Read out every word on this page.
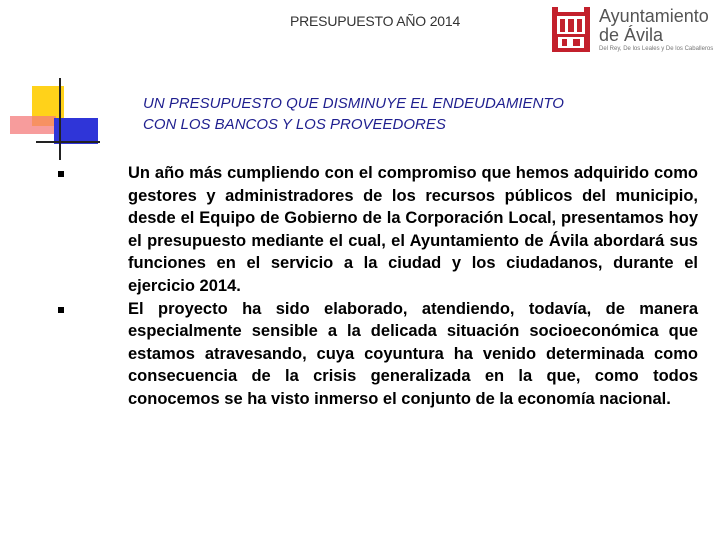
PRESUPUESTO AÑO 2014	Ayuntamiento
de Ávila
Del Rey, De los Leales y De los Caballeros
UN PRESUPUESTO QUE DISMINUYE EL ENDEUDAMIENTO
CON LOS BANCOS Y LOS PROVEEDORES
Un año más cumpliendo con el compromiso que hemos adquirido como gestores y administradores de los recursos públicos del municipio, desde el Equipo de Gobierno de la Corporación Local, presentamos hoy el presupuesto mediante el cual, el Ayuntamiento de Ávila abordará sus funciones en el servicio a la ciudad y los ciudadanos, durante el ejercicio 2014.
El proyecto ha sido elaborado, atendiendo, todavía, de manera especialmente sensible a la delicada situación socioeconómica que estamos atravesando, cuya coyuntura ha venido determinada como consecuencia de la crisis generalizada en la que, como todos conocemos se ha visto inmerso el conjunto de la economía nacional.
